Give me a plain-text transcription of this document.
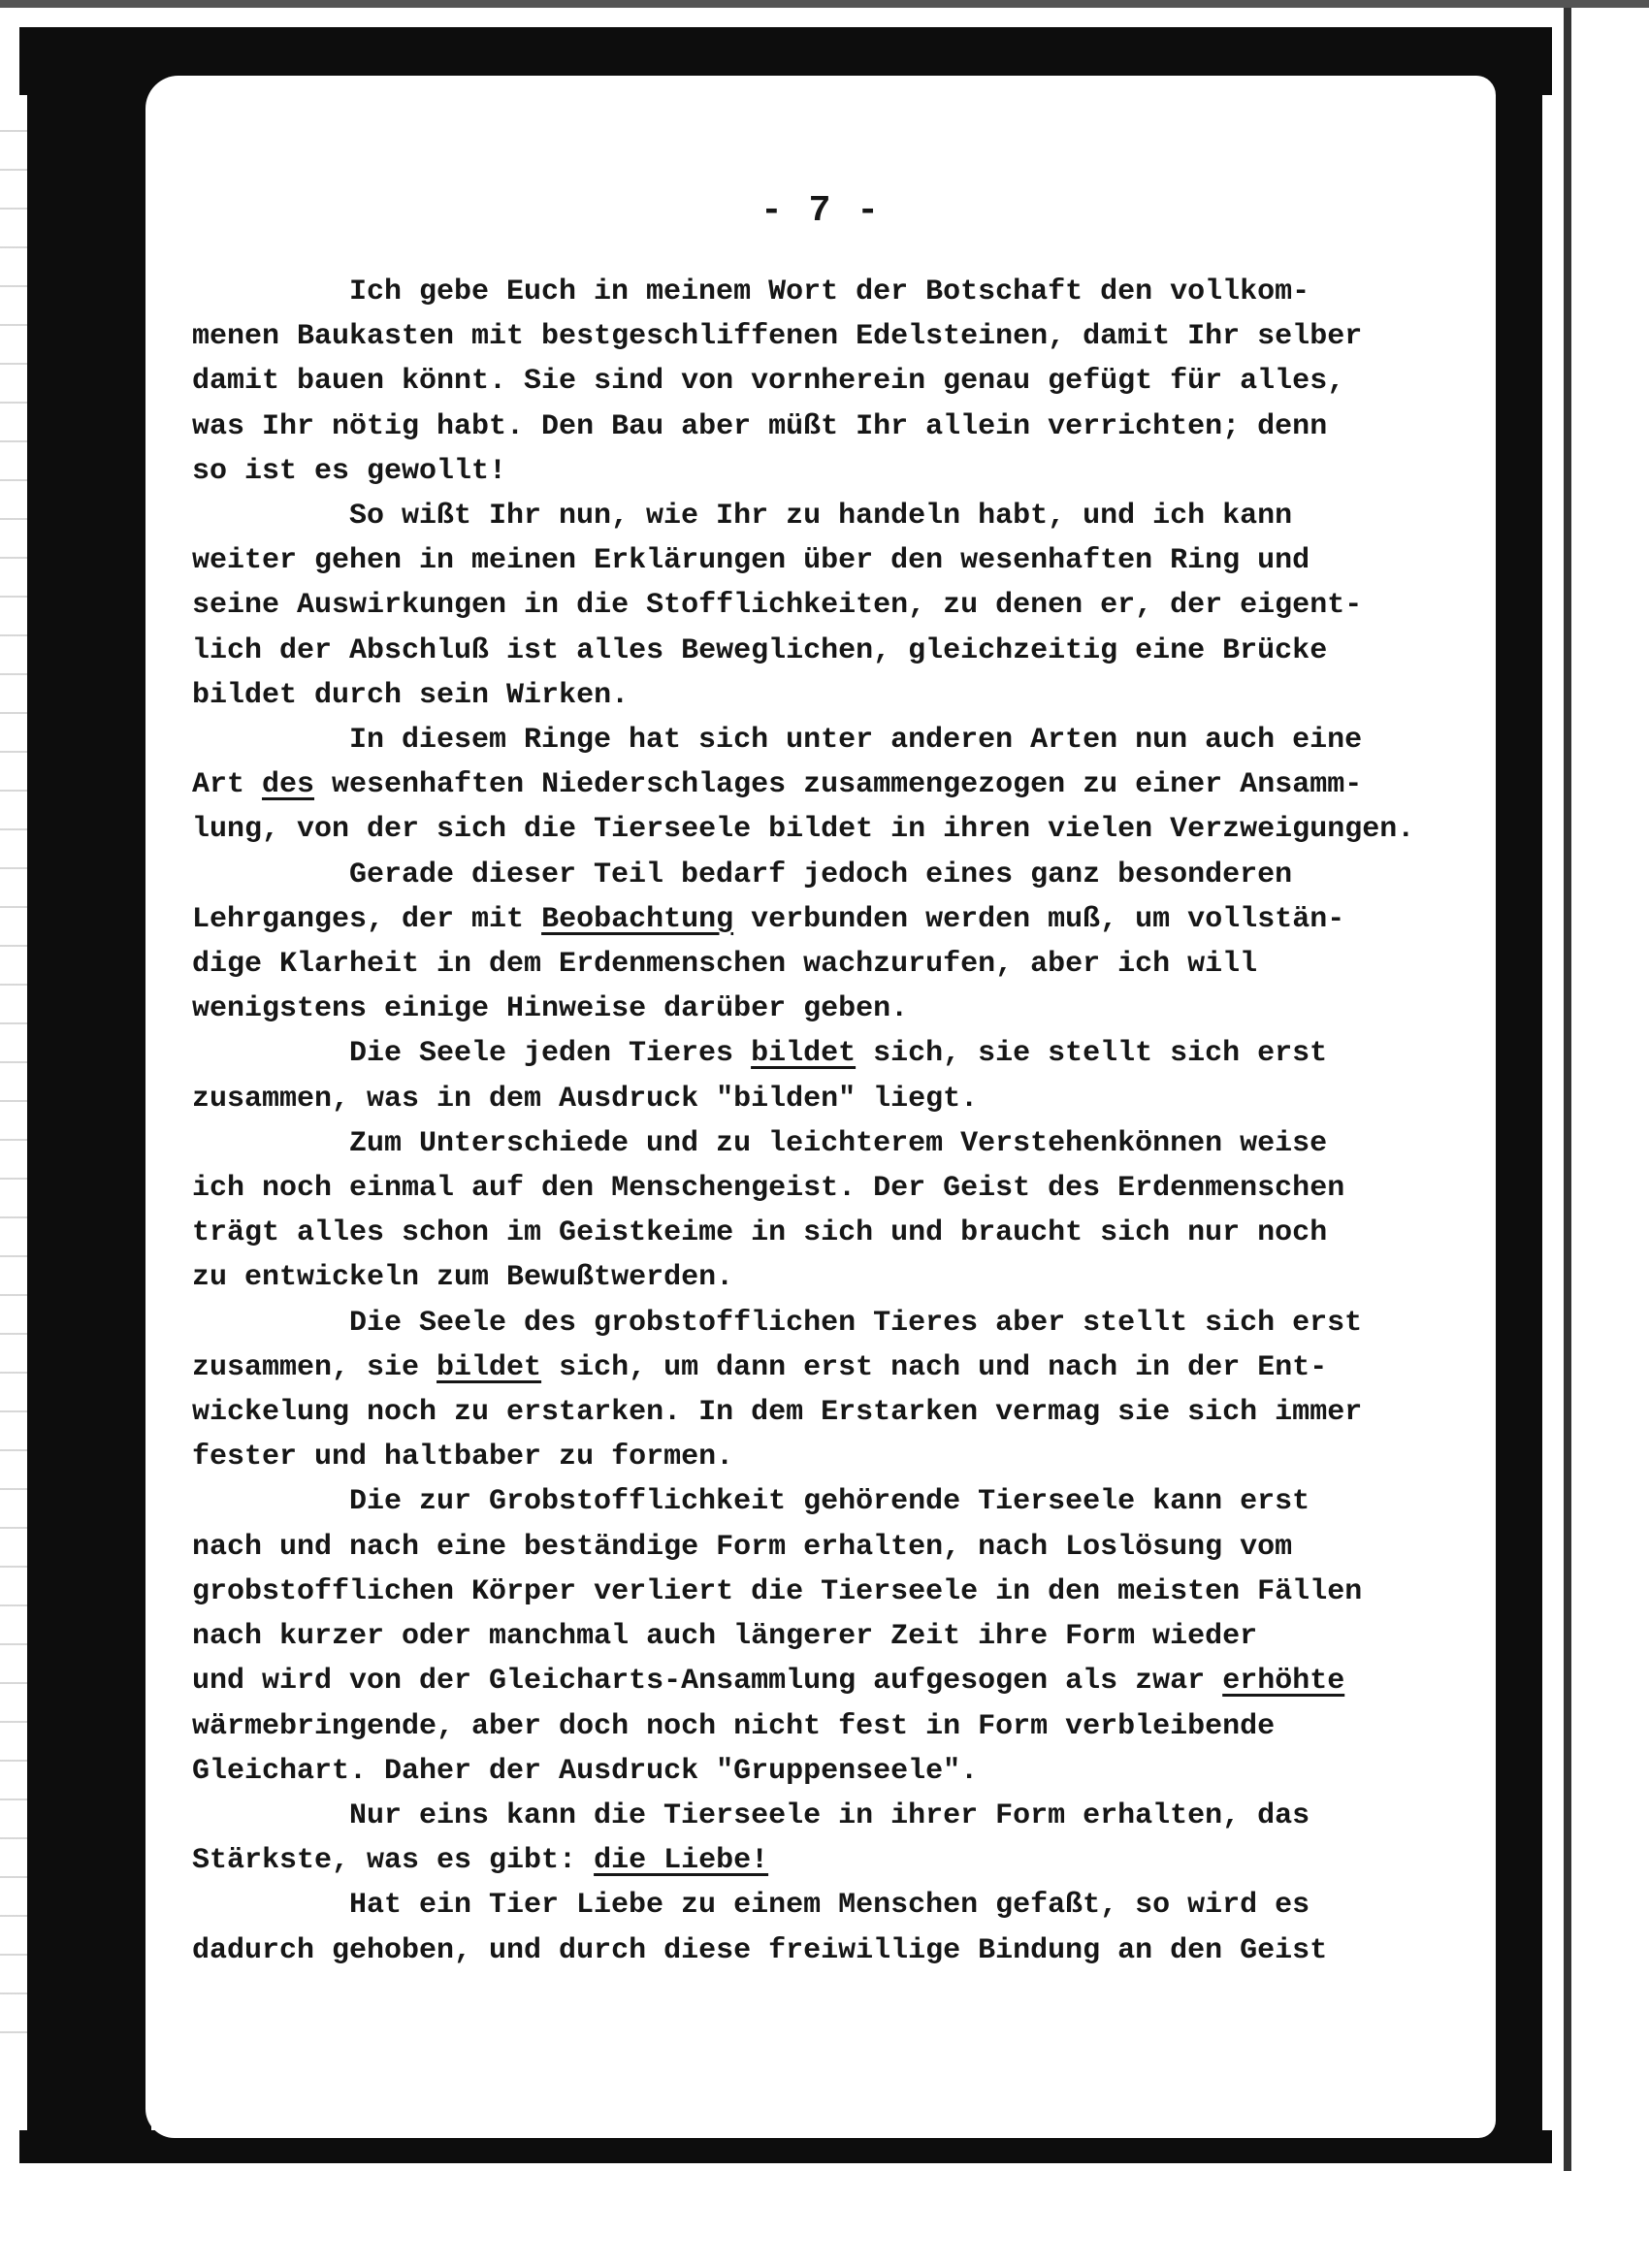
- 7 -
Ich gebe Euch in meinem Wort der Botschaft den vollkom-
menen Baukasten mit bestgeschliffenen Edelsteinen, damit Ihr selber
damit bauen könnt. Sie sind von vornherein genau gefügt für alles,
was Ihr nötig habt. Den Bau aber müßt Ihr allein verrichten; denn
so ist es gewollt!
So wißt Ihr nun, wie Ihr zu handeln habt, und ich kann
weiter gehen in meinen Erklärungen über den wesenhaften Ring und
seine Auswirkungen in die Stofflichkeiten, zu denen er, der eigent-
lich der Abschluß ist alles Beweglichen, gleichzeitig eine Brücke
bildet durch sein Wirken.
In diesem Ringe hat sich unter anderen Arten nun auch eine
Art des wesenhaften Niederschlages zusammengezogen zu einer Ansamm-
lung, von der sich die Tierseele bildet in ihren vielen Verzweigungen.
Gerade dieser Teil bedarf jedoch eines ganz besonderen
Lehrganges, der mit Beobachtung verbunden werden muß, um vollstän-
dige Klarheit in dem Erdenmenschen wachzurufen, aber ich will
wenigstens einige Hinweise darüber geben.
Die Seele jeden Tieres bildet sich, sie stellt sich erst
zusammen, was in dem Ausdruck "bilden" liegt.
Zum Unterschiede und zu leichterem Verstehenkönnen weise
ich noch einmal auf den Menschengeist. Der Geist des Erdenmenschen
trägt alles schon im Geistkeime in sich und braucht sich nur noch
zu entwickeln zum Bewußtwerden.
Die Seele des grobstofflichen Tieres aber stellt sich erst
zusammen, sie bildet sich, um dann erst nach und nach in der Ent-
wickelung noch zu erstarken. In dem Erstarken vermag sie sich immer
fester und haltbaber zu formen.
Die zur Grobstofflichkeit gehörende Tierseele kann erst
nach und nach eine beständige Form erhalten, nach Loslösung vom
grobstofflichen Körper verliert die Tierseele in den meisten Fällen
nach kurzer oder manchmal auch längerer Zeit ihre Form wieder
und wird von der Gleicharts-Ansammlung aufgesogen als zwar erhöhte
wärmebringende, aber doch noch nicht fest in Form verbleibende
Gleichart. Daher der Ausdruck "Gruppenseele".
Nur eins kann die Tierseele in ihrer Form erhalten, das
Stärkste, was es gibt: die Liebe!
Hat ein Tier Liebe zu einem Menschen gefaßt, so wird es
dadurch gehoben, und durch diese freiwillige Bindung an den Geist
